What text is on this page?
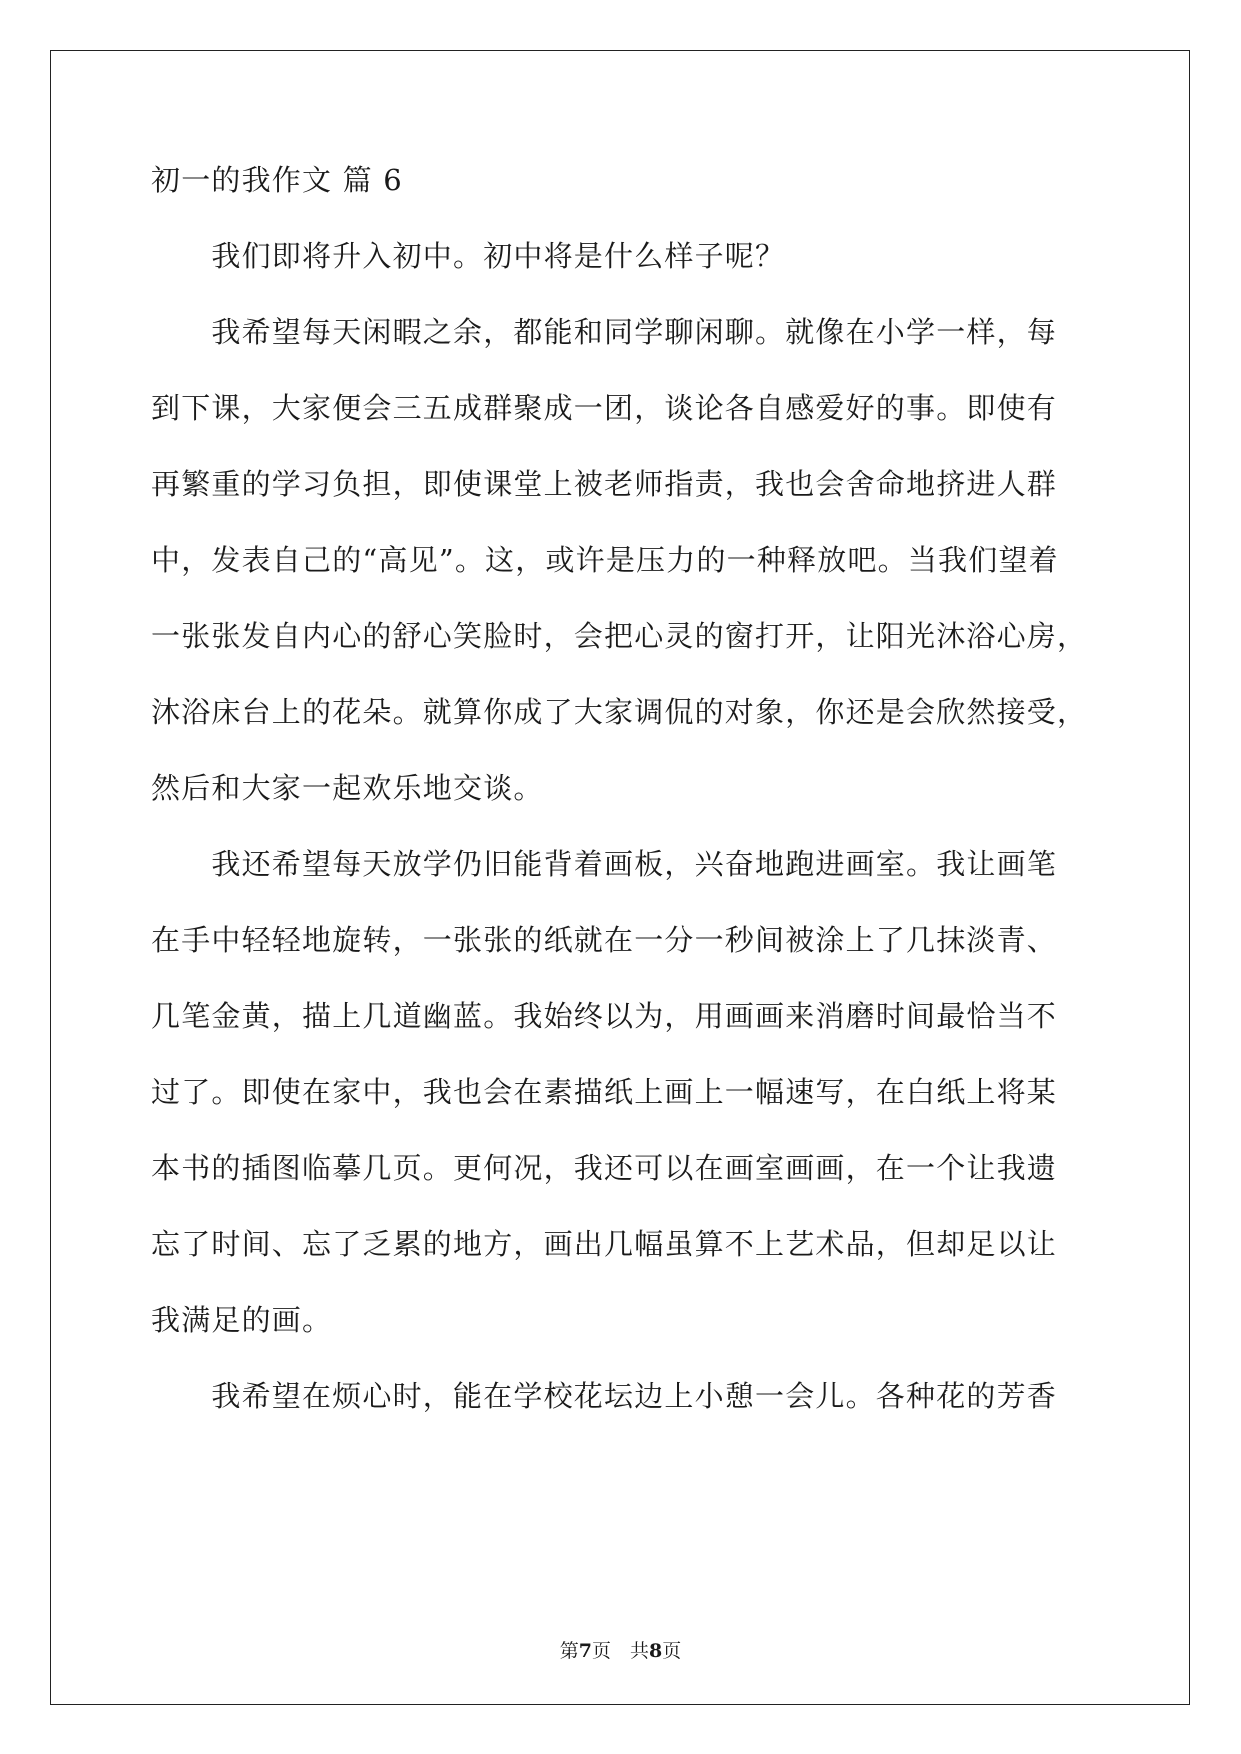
初一的我作文 篇 6
　　我们即将升入初中。初中将是什么样子呢？
　　我希望每天闲暇之余，都能和同学聊闲聊。就像在小学一样，每
到下课，大家便会三五成群聚成一团，谈论各自感爱好的事。即使有
再繁重的学习负担，即使课堂上被老师指责，我也会舍命地挤进人群
中，发表自己的“高见”。这，或许是压力的一种释放吧。当我们望着
一张张发自内心的舒心笑脸时，会把心灵的窗打开，让阳光沐浴心房，
沐浴床台上的花朵。就算你成了大家调侃的对象，你还是会欣然接受，
然后和大家一起欢乐地交谈。
　　我还希望每天放学仍旧能背着画板，兴奋地跑进画室。我让画笔
在手中轻轻地旋转，一张张的纸就在一分一秒间被涂上了几抹淡青、
几笔金黄，描上几道幽蓝。我始终以为，用画画来消磨时间最恰当不
过了。即使在家中，我也会在素描纸上画上一幅速写，在白纸上将某
本书的插图临摹几页。更何况，我还可以在画室画画，在一个让我遗
忘了时间、忘了乏累的地方，画出几幅虽算不上艺术品，但却足以让
我满足的画。
　　我希望在烦心时，能在学校花坛边上小憩一会儿。各种花的芳香
第7页　共8页
